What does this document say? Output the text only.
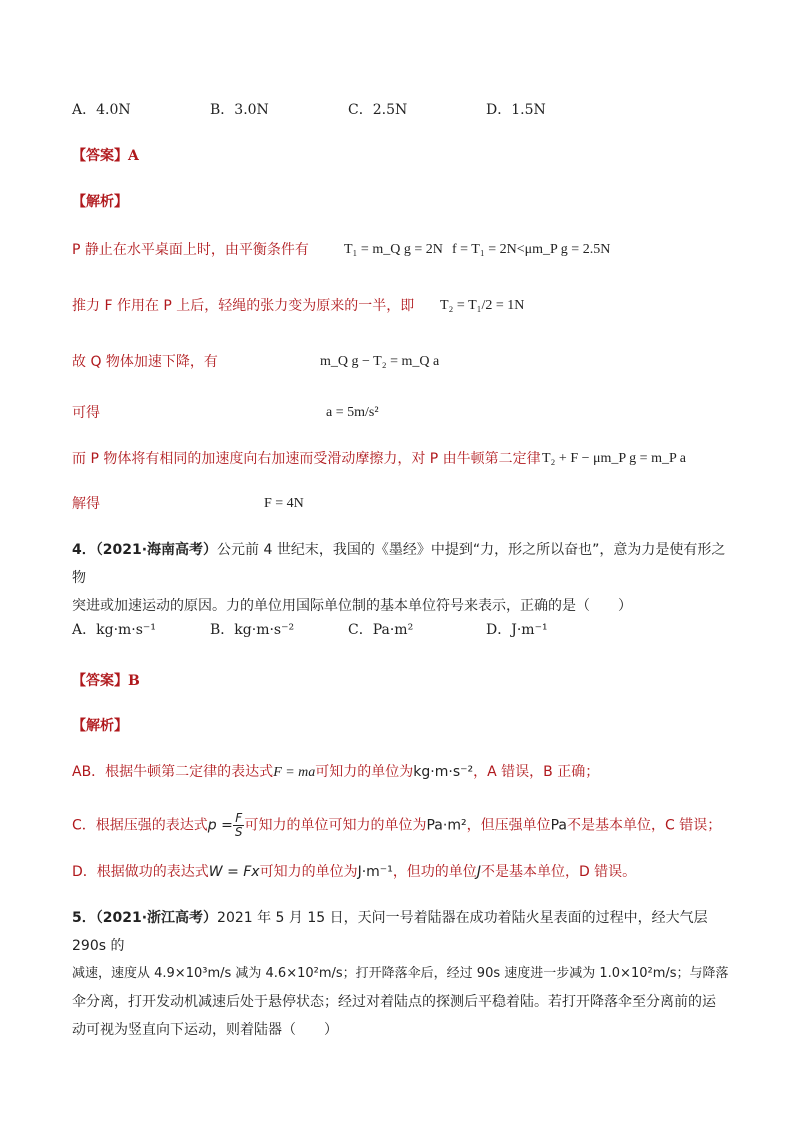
A．4.0N	B．3.0N	C．2.5N	D．1.5N
【答案】A
【解析】
P 静止在水平桌面上时，由平衡条件有	T₁ = m_Q g = 2N f = T₁ = 2N<μm_P g = 2.5N
推力 F 作用在 P 上后，轻绳的张力变为原来的一半，即 T₂ = T₁/2 = 1N
故 Q 物体加速下降，有	m_Q g − T₂ = m_Q a
可得	a = 5m/s²
而 P 物体将有相同的加速度向右加速而受滑动摩擦力，对 P 由牛顿第二定律 T₂ + F − μm_P g = m_P a
解得	F = 4N
4．（2021·海南高考）公元前 4 世纪末，我国的《墨经》中提到“力，形之所以奋也”，意为力是使有形之物
突进或加速运动的原因。力的单位用国际单位制的基本单位符号来表示，正确的是（　　）
A．kg·m·s⁻¹	B．kg·m·s⁻²	C．Pa·m²	D．J·m⁻¹
【答案】B
【解析】
AB．根据牛顿第二定律的表达式F = ma可知力的单位为kg·m·s⁻²，A 错误，B 正确；
C．根据压强的表达式$p = \frac{F}{S}$ 可知力的单位可知力的单位为Pa·m²，但压强单位Pa不是基本单位，C 错误；
D．根据做功的表达式W = Fx可知力的单位为J·m⁻¹，但功的单位J不是基本单位，D 错误。
5．（2021·浙江高考）2021 年 5 月 15 日，天问一号着陆器在成功着陆火星表面的过程中，经大气层 290s 的
减速，速度从 4.9×10³m/s 减为 4.6×10²m/s；打开降落伞后，经过 90s 速度进一步减为 1.0×10²m/s；与降落
伞分离，打开发动机减速后处于悬停状态；经过对着陆点的探测后平稳着陆。若打开降落伞至分离前的运
动可视为竖直向下运动，则着陆器（　　）
